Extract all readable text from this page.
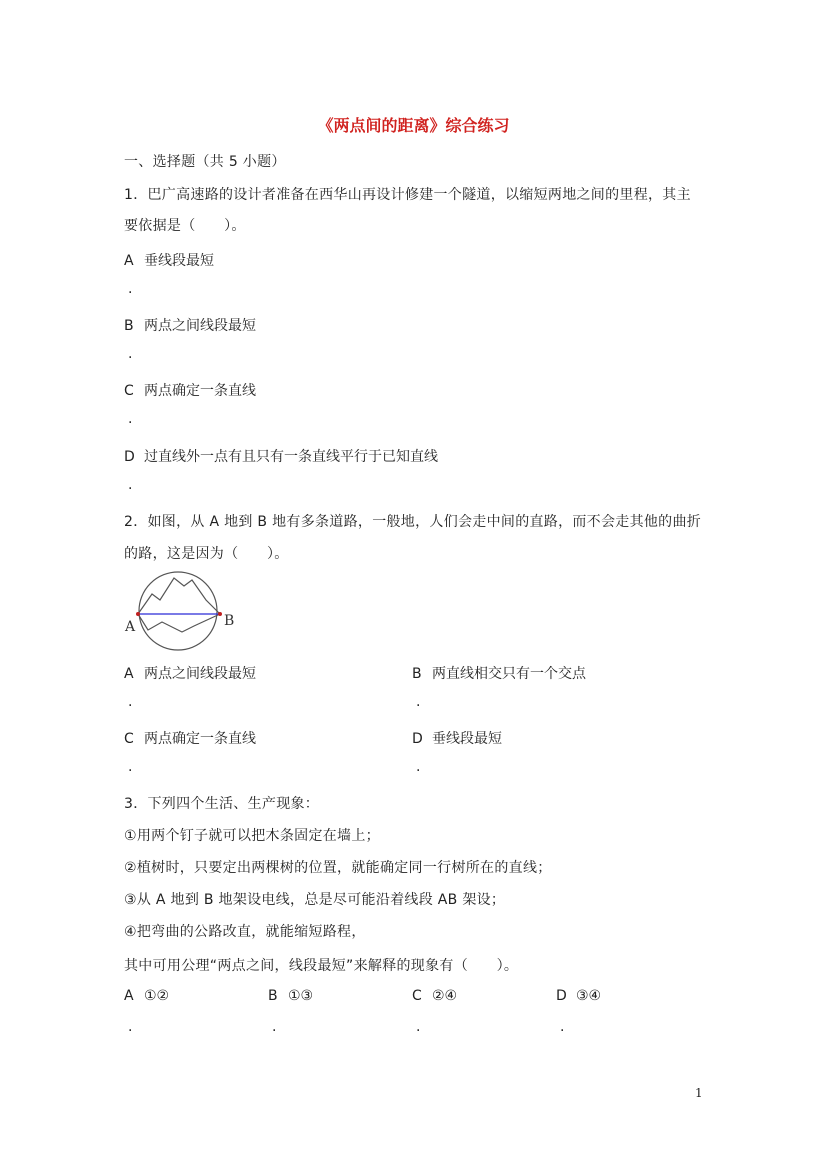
《两点间的距离》综合练习
一、选择题（共 5 小题）
1．巴广高速路的设计者准备在西华山再设计修建一个隧道，以缩短两地之间的里程，其主
要依据是（　　）。
A 垂线段最短
.
B 两点之间线段最短
.
C 两点确定一条直线
.
D 过直线外一点有且只有一条直线平行于已知直线
.
2．如图，从 A 地到 B 地有多条道路，一般地，人们会走中间的直路，而不会走其他的曲折
的路，这是因为（　　）。
A	B
A 两点之间线段最短
.
B 两直线相交只有一个交点
.
C 两点确定一条直线
.
D 垂线段最短
.
3．下列四个生活、生产现象：
①用两个钉子就可以把木条固定在墙上；
②植树时，只要定出两棵树的位置，就能确定同一行树所在的直线；
③从 A 地到 B 地架设电线，总是尽可能沿着线段 AB 架设；
④把弯曲的公路改直，就能缩短路程，
其中可用公理“两点之间，线段最短”来解释的现象有（　　）。
A ①②
.
B ①③
.
C ②④
.
D ③④
.
1
